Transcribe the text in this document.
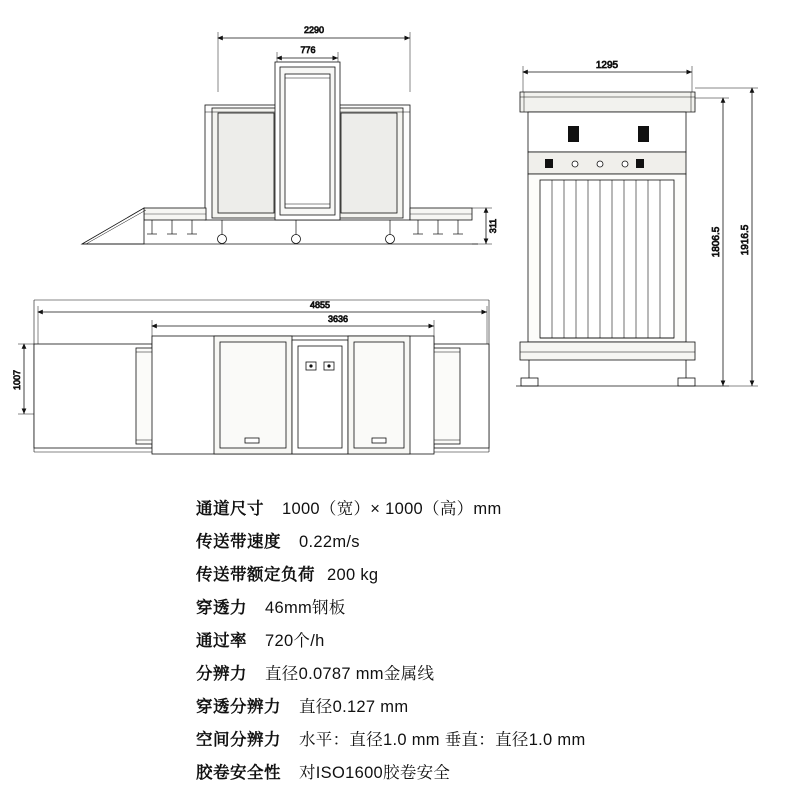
2290
776
311
1295
1806.5 1916.5
4855
3636
1007
通道尺寸 1000（宽）× 1000（高）mm
传送带速度 0.22m/s
传送带额定负荷 200 kg
穿透力 46mm钢板
通过率 720个/h
分辨力 直径0.0787 mm金属线
穿透分辨力 直径0.127 mm
空间分辨力 水平：直径1.0 mm 垂直：直径1.0 mm
胶卷安全性 对ISO1600胶卷安全
